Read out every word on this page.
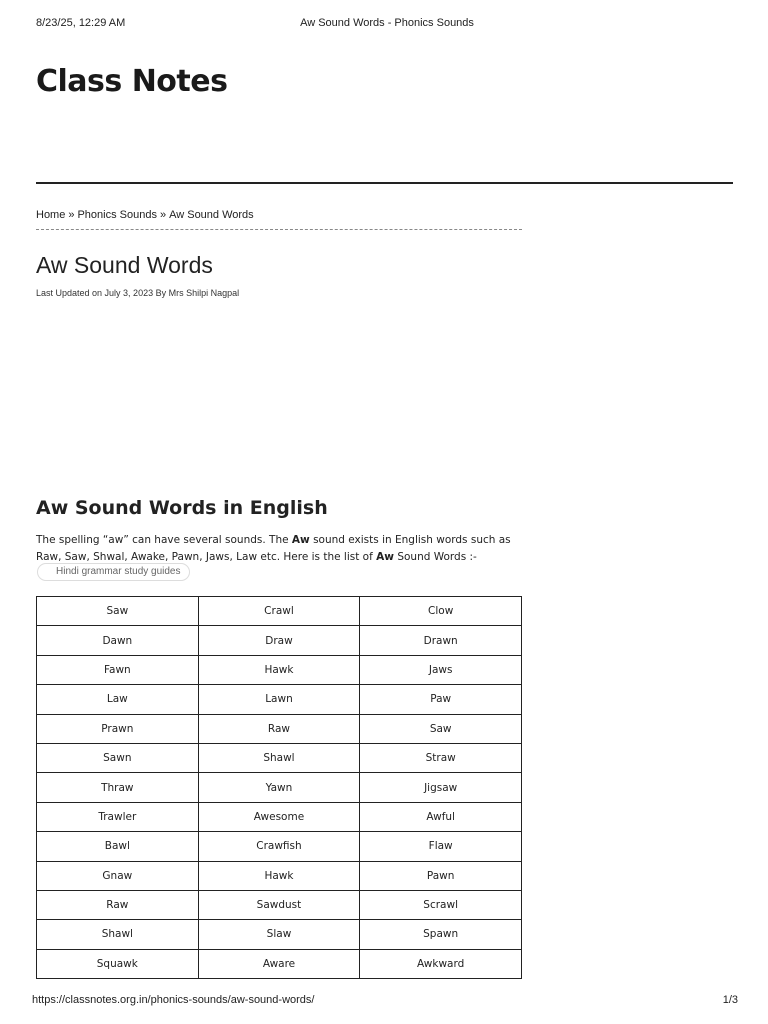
8/23/25, 12:29 AM	Aw Sound Words - Phonics Sounds
Class Notes
Home » Phonics Sounds » Aw Sound Words
Aw Sound Words
Last Updated on July 3, 2023 By Mrs Shilpi Nagpal
Aw Sound Words in English

The spelling “aw” can have several sounds. The Aw sound exists in English words such as Raw, Saw, Shwal, Awake, Pawn, Jaws, Law etc. Here is the list of Aw Sound Words :-

Hindi grammar study guides
Saw	Crawl	Clow
Dawn	Draw	Drawn
Fawn	Hawk	Jaws
Law	Lawn	Paw
Prawn	Raw	Saw
Sawn	Shawl	Straw
Thraw	Yawn	Jigsaw
Trawler	Awesome	Awful
Bawl	Crawfish	Flaw
Gnaw	Hawk	Pawn
Raw	Sawdust	Scrawl
Shawl	Slaw	Spawn
Squawk	Aware	Awkward
https://classnotes.org.in/phonics-sounds/aw-sound-words/	1/3
